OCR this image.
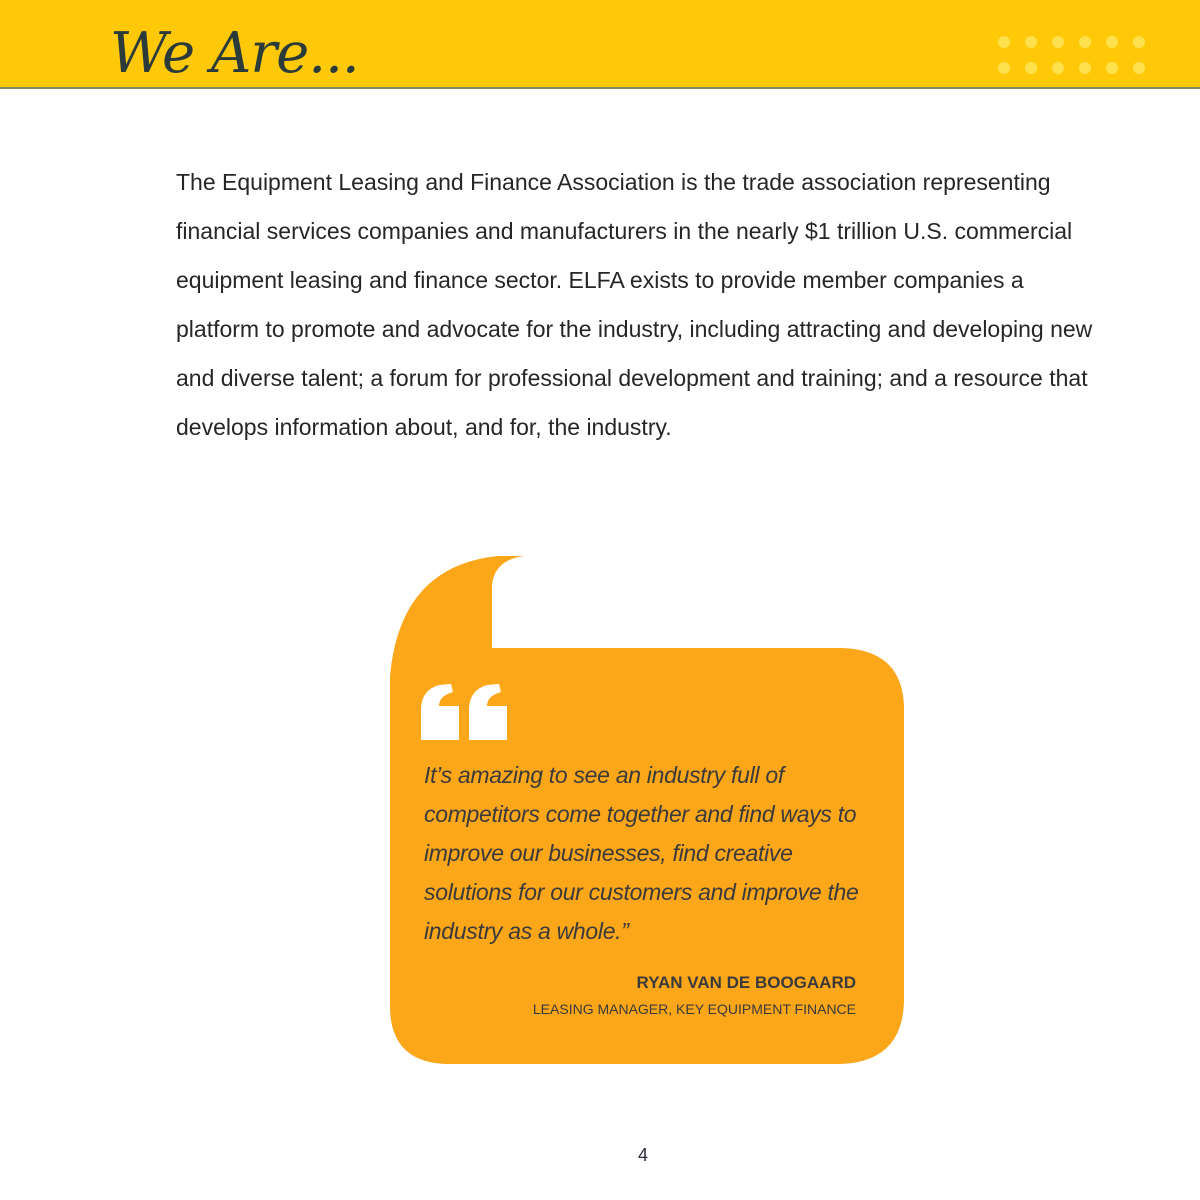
We Are...

The Equipment Leasing and Finance Association is the trade association representing financial services companies and manufacturers in the nearly $1 trillion U.S. commercial equipment leasing and finance sector. ELFA exists to provide member companies a platform to promote and advocate for the industry, including attracting and developing new and diverse talent; a forum for professional development and training; and a resource that develops information about, and for, the industry.

It’s amazing to see an industry full of competitors come together and find ways to improve our businesses, find creative solutions for our customers and improve the industry as a whole.”

RYAN VAN DE BOOGAARD
LEASING MANAGER, KEY EQUIPMENT FINANCE
4
